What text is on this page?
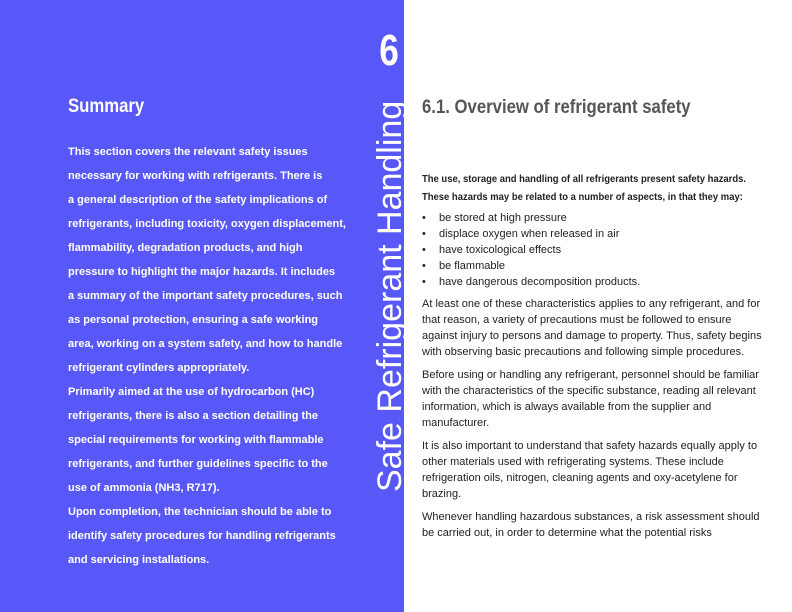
6
Safe Refrigerant Handling
Summary
This section covers the relevant safety issues
necessary for working with refrigerants. There is
a general description of the safety implications of
refrigerants, including toxicity, oxygen displacement,
flammability, degradation products, and high
pressure to highlight the major hazards. It includes
a summary of the important safety procedures, such
as personal protection, ensuring a safe working
area, working on a system safety, and how to handle
refrigerant cylinders appropriately.
Primarily aimed at the use of hydrocarbon (HC)
refrigerants, there is also a section detailing the
special requirements for working with flammable
refrigerants, and further guidelines specific to the
use of ammonia (NH3, R717).
Upon completion, the technician should be able to
identify safety procedures for handling refrigerants
and servicing installations.
6.1. Overview of refrigerant safety
The use, storage and handling of all refrigerants present safety hazards.
These hazards may be related to a number of aspects, in that they may:
• be stored at high pressure
• displace oxygen when released in air
• have toxicological effects
• be flammable
• have dangerous decomposition products.

At least one of these characteristics applies to any refrigerant, and for that reason, a variety of precautions must be followed to ensure against injury to persons and damage to property. Thus, safety begins with observing basic precautions and following simple procedures.

Before using or handling any refrigerant, personnel should be familiar with the characteristics of the specific substance, reading all relevant information, which is always available from the supplier and manufacturer.

It is also important to understand that safety hazards equally apply to other materials used with refrigerating systems. These include refrigeration oils, nitrogen, cleaning agents and oxy-acetylene for brazing.

Whenever handling hazardous substances, a risk assessment should be carried out, in order to determine what the potential risks
